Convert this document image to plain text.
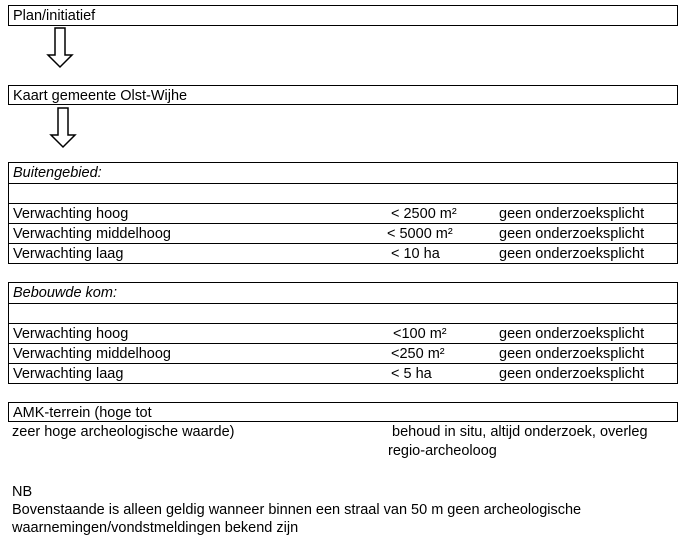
Plan/initiatief
Kaart gemeente Olst-Wijhe
Buitengebied:
Verwachting hoog	< 2500 m²	geen onderzoeksplicht
Verwachting middelhoog	< 5000 m²	geen onderzoeksplicht
Verwachting laag	< 10 ha	geen onderzoeksplicht
Bebouwde kom:
Verwachting hoog	<100 m²	geen onderzoeksplicht
Verwachting middelhoog	<250 m²	geen onderzoeksplicht
Verwachting laag	< 5 ha	geen onderzoeksplicht
AMK-terrein (hoge tot
zeer hoge archeologische waarde)	behoud in situ, altijd onderzoek, overleg
regio-archeoloog
NB
Bovenstaande is alleen geldig wanneer binnen een straal van 50 m geen archeologische
waarnemingen/vondstmeldingen bekend zijn
